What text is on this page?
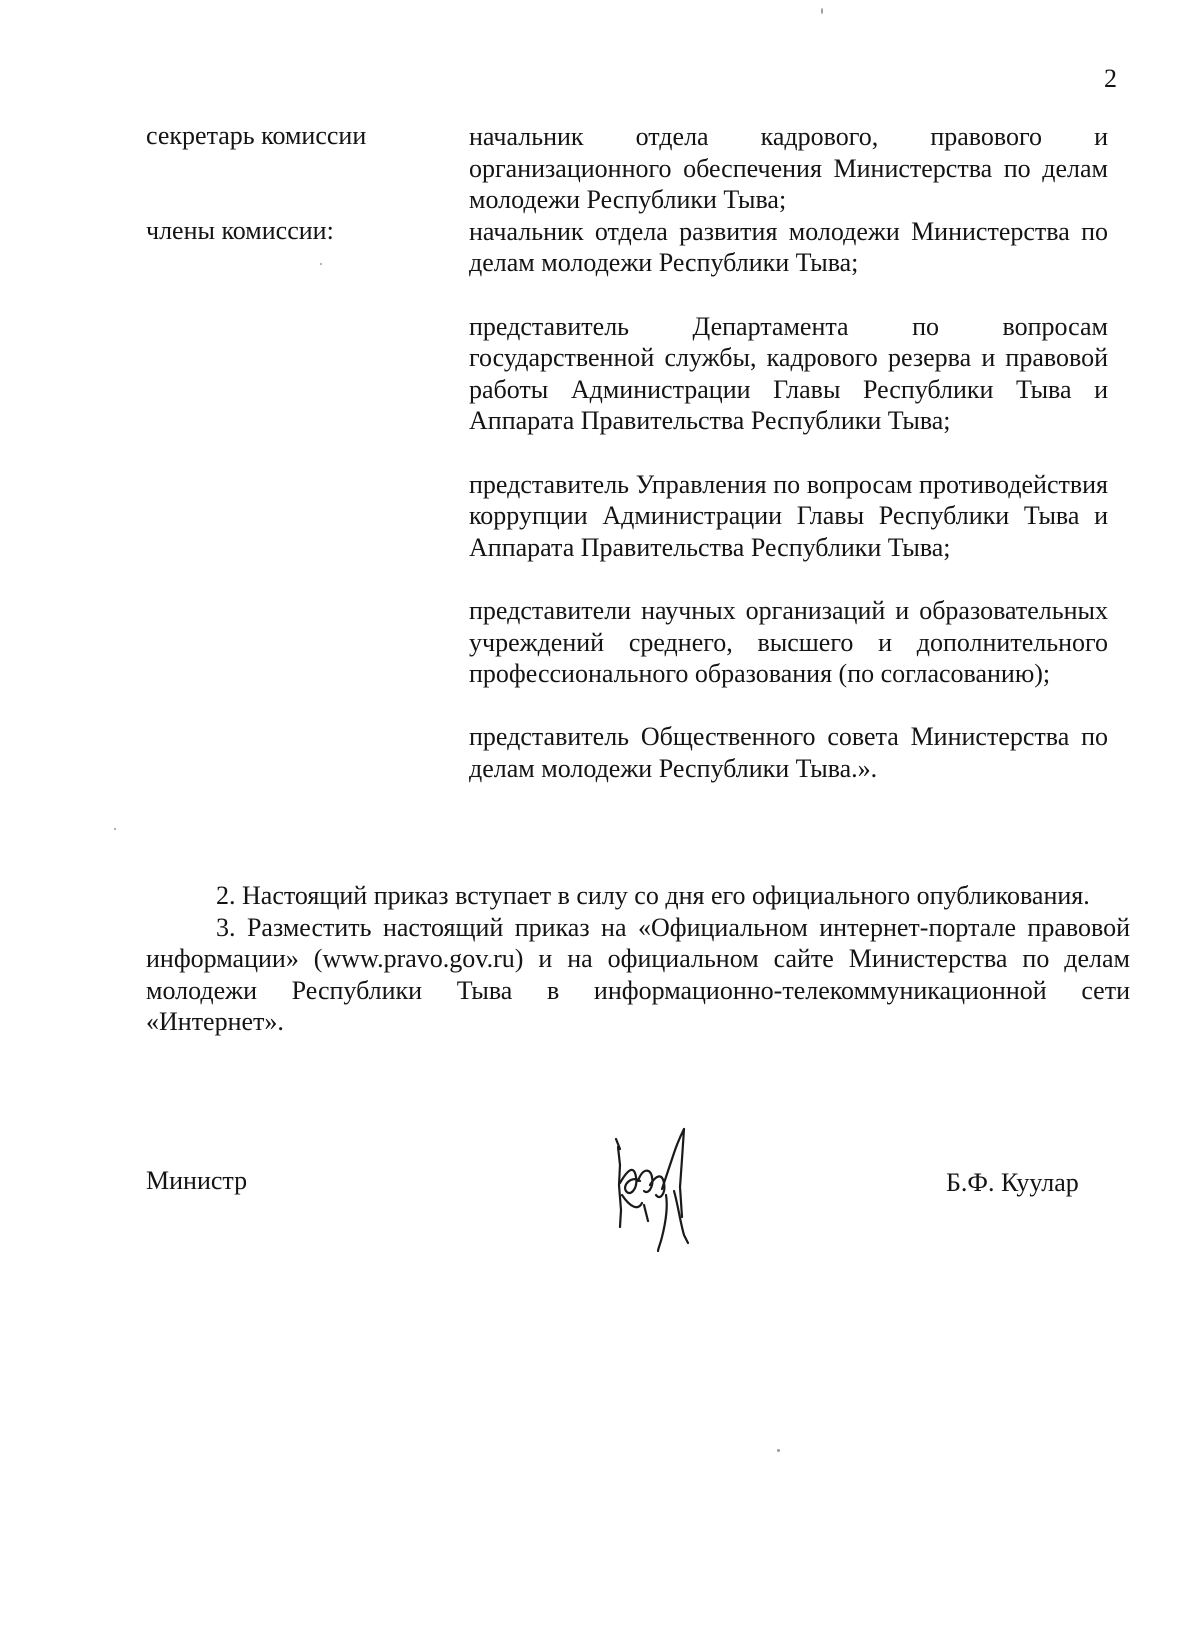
2
секретарь комиссии
члены комиссии:
начальник отдела кадрового, правового и организационного обеспечения Министерства по делам молодежи Республики Тыва;
начальник отдела развития молодежи Министерства по делам молодежи Республики Тыва;
представитель Департамента по вопросам государственной службы, кадрового резерва и правовой работы Администрации Главы Республики Тыва и Аппарата Правительства Республики Тыва;
представитель Управления по вопросам противодействия коррупции Администрации Главы Республики Тыва и Аппарата Правительства Республики Тыва;
представители научных организаций и образовательных учреждений среднего, высшего и дополнительного профессионального образования (по согласованию);
представитель Общественного совета Министерства по делам молодежи Республики Тыва.».

2. Настоящий приказ вступает в силу со дня его официального опубликования.

3. Разместить настоящий приказ на «Официальном интернет-портале правовой информации» (www.pravo.gov.ru) и на официальном сайте Министерства по делам молодежи Республики Тыва в информационно-телекоммуникационной сети «Интернет».

Министр	Б.Ф. Куулар
